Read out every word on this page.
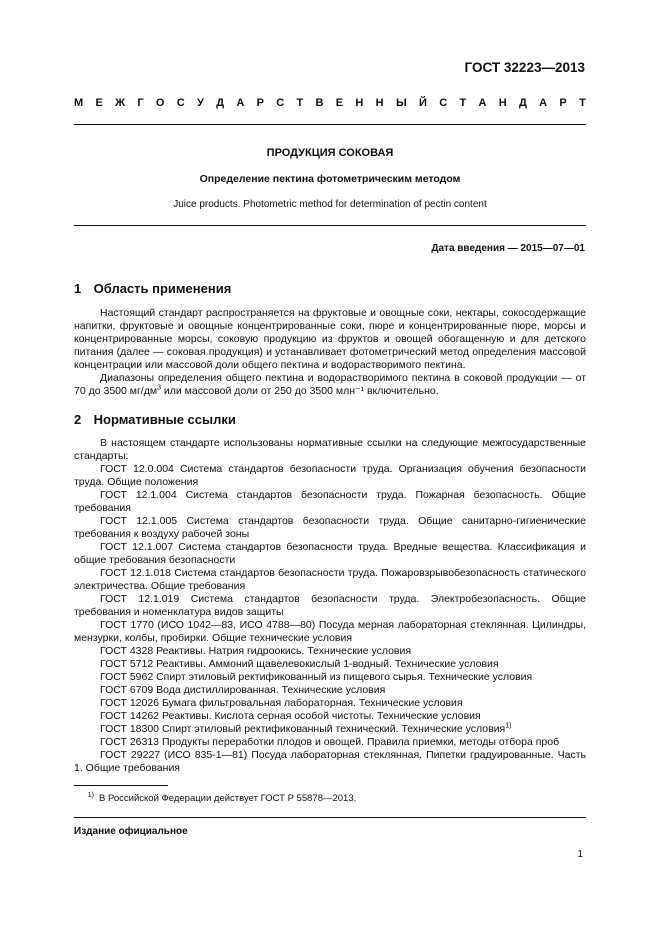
ГОСТ 32223—2013
М Е Ж Г О С У Д А Р С Т В Е Н Н Ы Й С Т А Н Д А Р Т
ПРОДУКЦИЯ СОКОВАЯ
Определение пектина фотометрическим методом
Juice products. Photometric method for determination of pectin content
Дата введения — 2015—07—01
1 Область применения

Настоящий стандарт распространяется на фруктовые и овощные соки, нектары, сокосодержащие напитки, фруктовые и овощные концентрированные соки, пюре и концентрированные пюре, морсы и концентрированные морсы, соковую продукцию из фруктов и овощей обогащенную и для детского питания (далее — соковая продукция) и устанавливает фотометрический метод определения массовой концентрации или массовой доли общего пектина и водорастворимого пектина.

Диапазоны определения общего пектина и водорастворимого пектина в соковой продукции — от 70 до 3500 $мг/дм^3$ или массовой доли от 250 до 3500 млн⁻¹ включительно.

2 Нормативные ссылки

В настоящем стандарте использованы нормативные ссылки на следующие межгосударственные стандарты:

ГОСТ 12.0.004 Система стандартов безопасности труда. Организация обучения безопасности труда. Общие положения

ГОСТ 12.1.004 Система стандартов безопасности труда. Пожарная безопасность. Общие требования

ГОСТ 12.1.005 Система стандартов безопасности труда. Общие санитарно-гигиенические требования к воздуху рабочей зоны

ГОСТ 12.1.007 Система стандартов безопасности труда. Вредные вещества. Классификация и общие требования безопасности

ГОСТ 12.1.018 Система стандартов безопасности труда. Пожаровзрывобезопасность статического электричества. Общие требования

ГОСТ 12.1.019 Система стандартов безопасности труда. Электробезопасность. Общие требования и номенклатура видов защиты

ГОСТ 1770 (ИСО 1042—83, ИСО 4788—80) Посуда мерная лабораторная стеклянная. Цилиндры, мензурки, колбы, пробирки. Общие технические условия

ГОСТ 4328 Реактивы. Натрия гидроокись. Технические условия

ГОСТ 5712 Реактивы. Аммоний щавелевокислый 1-водный. Технические условия

ГОСТ 5962 Спирт этиловый ректификованный из пищевого сырья. Технические условия

ГОСТ 6709 Вода дистиллированная. Технические условия

ГОСТ 12026 Бумага фильтровальная лабораторная. Технические условия

ГОСТ 14262 Реактивы. Кислота серная особой чистоты. Технические условия

ГОСТ 18300 Спирт этиловый ректификованный технический. Технические условия$^{1)}$

ГОСТ 26313 Продукты переработки плодов и овощей. Правила приемки, методы отбора проб

ГОСТ 29227 (ИСО 835-1—81) Посуда лабораторная стеклянная. Пипетки градуированные. Часть 1. Общие требования

$^{1)}$ В Российской Федерации действует ГОСТ Р 55878—2013.
Издание официальное
1
